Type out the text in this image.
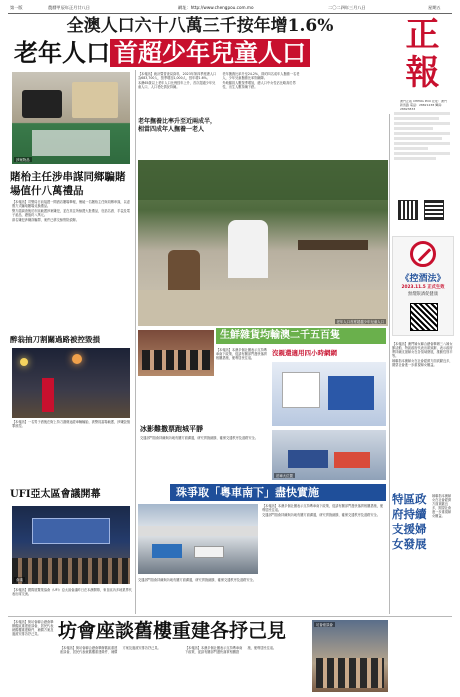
第一版	農曆甲辰年正月廿八日	網址：http://www.chengpou.com.mo	二〇二四年三月八日	星期五
全澳人口六十八萬三千按年增1.6%
老年人口 首超少年兒童人口	正報
澳門正報 CHENG POU 社址：澳門新馬路 電話：28821238 傳真：28823833
《控酒法》
2023.11.5 正式生效
無燈限酒促健康
涉案物品
賭枱主任涉串謀同鄉騙賭場值什八萬禮品

【本報訊】司警局日前接獲一間酒店賭場舉報，懷疑一名賭枱主任與同鄉串謀，以虛假方式騙取賭場兌換禮品。

警方經調查後於市區截獲涉案嫌犯，並在其住所檢獲大批禮品，包括名酒、手袋及電子產品，總值約八萬元。

兩名嫌犯涉嫌詐騙罪，案件已移交檢察院偵辦。

醉翁抽刀割關過路被控毀損

【本報訊】一名男子酒後在街上持刀割傷途經車輛輪胎，被警員當場截獲，涉嫌毀損罪被控。

UFI亞太區會議開幕
會議

【本報訊】國際展覽業協會（UFI）亞太區會議昨日在本澳開幕，來自區內多地業界代表出席交流。

【本報訊】統計暨普查局資料，2023年第四季度總人口為683,700人，按季增加1,000人，按年增1.6%。

本澳65歲以上老年人口比例按年上升，首次超過少年兒童人口，人口老化情況持續。

老年撫養比率升至24.2%，即約四名成年人撫養一名老人，少年兒童撫養比率則續降。

外地僱員人數按季增加，總人口中女性佔比略高於男性，出生人數持續下跌。

老年撫養比率升至近兩成半，相當四成年人撫養一老人
老年人口首度超越少年兒童人口
生鮮雜貨均輸澳二千五百隻

【本報訊】本澳多個社團表示支持粵車南下政策，促請有關部門盡快落實相關措施，便利居民往返。

沒親還適用四小時網網
冰影難撒票跑城平靜

交通部門指會持續與內地有關方面溝通，研究實施細節，確保交通秩序及道路安全。

泊車大位置
珠爭取「粵車南下」盡快實施

【本報訊】本澳多個社團表示支持粵車南下政策，促請有關部門盡快落實相關措施，便利居民往返。

交通部門指會持續與內地有關方面溝通，研究實施細節，確保交通秩序及道路安全。

交通部門指會持續與內地有關方面溝通，研究實施細節，確保交通秩序及道路安全。

【本報訊】澳門婦女聯合總會舉辦三八婦女節活動，特區政府代表出席致辭，表示政府將持續支援婦女在各領域發展，推動性別平等。

婦聯指本澳婦女在社會經濟方面貢獻良多，期望社會進一步重視婦女權益。

特區政府持續支援婦女發展

婦聯指本澳婦女在社會經濟方面貢獻良多，期望社會進一步重視婦女權益。

【本報訊】街坊會聯合總會舉辦舊區重建座談會，居民代表就舊樓重建條件、補償方案及過渡安排各抒己見。 坊會座談舊樓重建各抒己見

【本報訊】街坊會聯合總會舉辦舊區重建座談會，居民代表就舊樓重建條件、補償方案及過渡安排各抒己見。	【本報訊】本澳多個社團表示支持粵車南下政策，促請有關部門盡快落實相關措施，便利居民往返。

坊會座談會
